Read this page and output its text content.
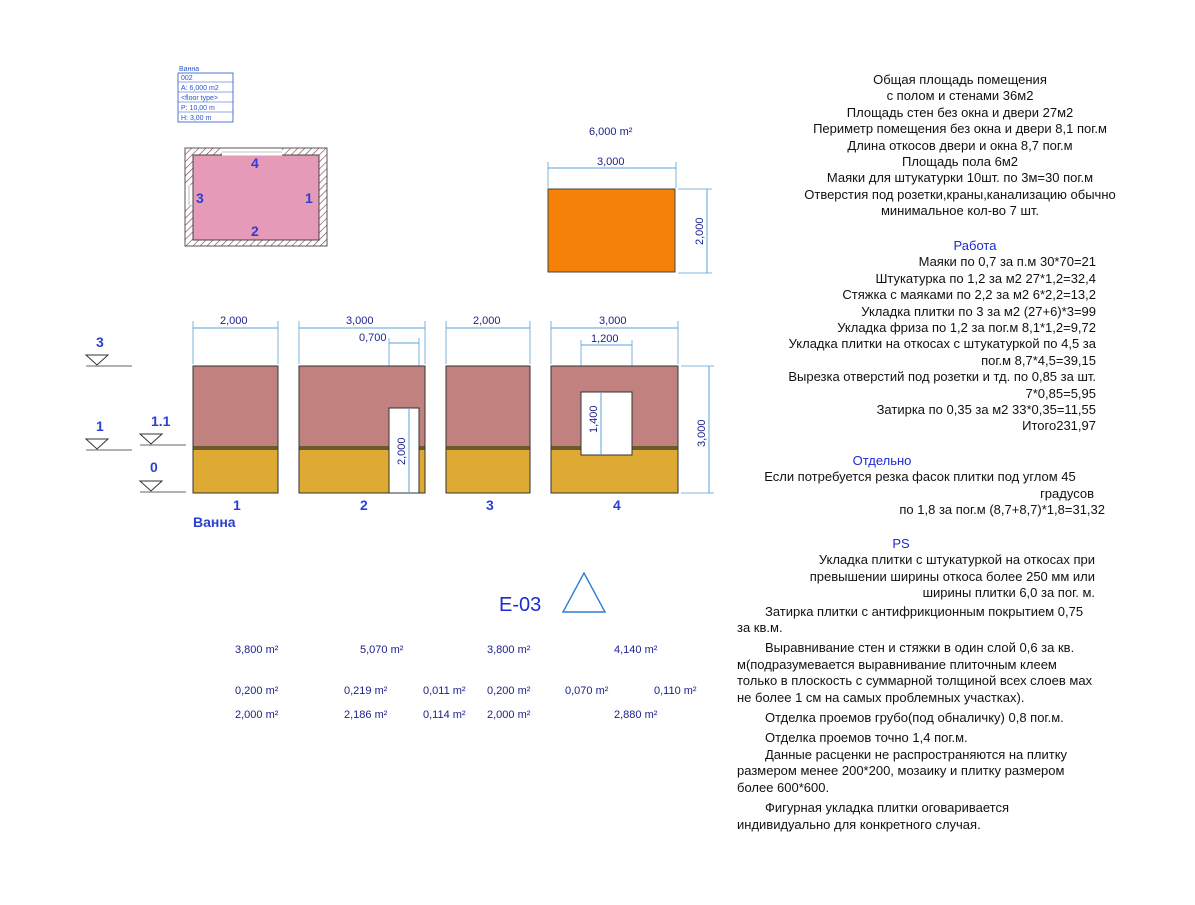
Ванна
002
A: 6,000 m2
<floor type>
P: 10,00 m
H: 3,00 m
4
1
2
3
6,000 m²
3,000
2,000
3
1	1.1
0
2,000
1
Ванна
3,000
0,700
2,000
2
2,000
3
3,000
1,200
1,400
3,000
4
Е-03
3,800 m²	5,070 m²	3,800 m²	4,140 m²
0,200 m²	0,219 m²	0,011 m² 0,200 m²	0,070 m²	0,110 m²
2,000 m²	2,186 m²	0,114 m² 2,000 m²	2,880 m²
Общая площадь помещения
с полом и стенами 36м2
Площадь стен без окна и двери 27м2
Периметр помещения без окна и двери 8,1 пог.м
Длина откосов двери и окна 8,7 пог.м
Площадь пола 6м2
Маяки для штукатурки 10шт. по 3м=30 пог.м
Отверстия под розетки,краны,канализацию обычно
минимальное кол-во 7 шт.
Работа
Маяки по 0,7 за п.м 30*70=21
Штукатурка по 1,2 за м2 27*1,2=32,4
Стяжка с маяками по 2,2 за м2 6*2,2=13,2
Укладка плитки по 3 за м2 (27+6)*3=99
Укладка фриза по 1,2 за пог.м 8,1*1,2=9,72
Укладка плитки на откосах с штукатуркой по 4,5 за
пог.м 8,7*4,5=39,15
Вырезка отверстий под розетки и тд. по 0,85 за шт.
7*0,85=5,95
Затирка по 0,35 за м2 33*0,35=11,55
Итого231,97
Отдельно
Если потребуется резка фасок плитки под углом 45
градусов
по 1,8 за пог.м (8,7+8,7)*1,8=31,32
PS
Укладка плитки с штукатуркой на откосах при
превышении ширины откоса более 250 мм или
ширины плитки 6,0 за пог. м.

Затирка плитки с антифрикционным покрытием 0,75 за кв.м.

Выравнивание стен и стяжки в один слой 0,6 за кв. м(подразумевается выравнивание плиточным клеем только в плоскость с суммарной толщиной всех слоев мах не более 1 см на самых проблемных участках).

Отделка проемов грубо(под обналичку) 0,8 пог.м.

Отделка проемов точно 1,4 пог.м.

Данные расценки не распространяются на плитку размером менее 200*200, мозаику и плитку размером более 600*600.

Фигурная укладка плитки оговаривается индивидуально для конкретного случая.
